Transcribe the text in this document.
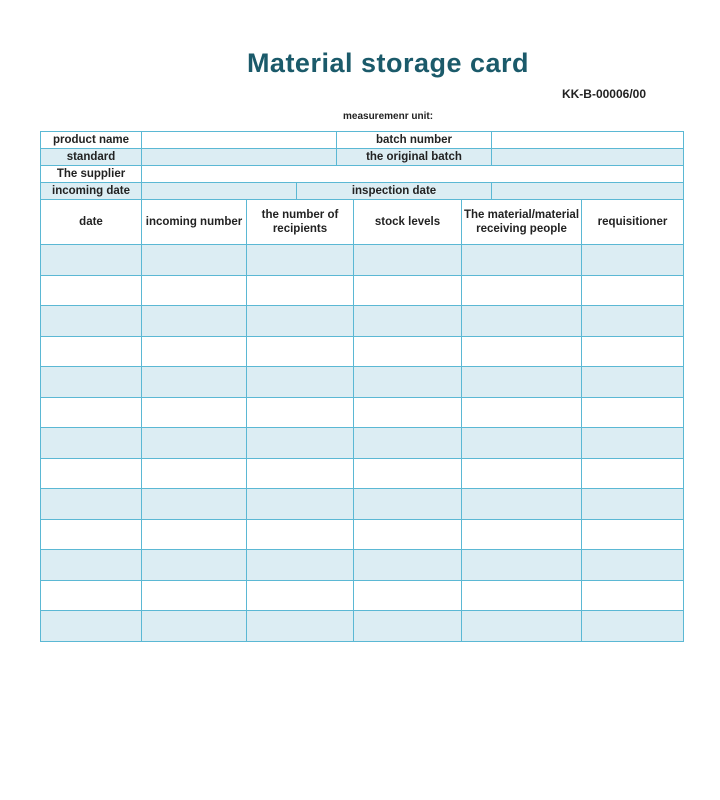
Material storage card
KK-B-00006/00
measuremenr unit:
product name			batch number	
standard			the original batch	
The supplier				
incoming date		inspection date		
date	incoming number	the number of recipients	stock levels	The material/material receiving people	requisitioner
